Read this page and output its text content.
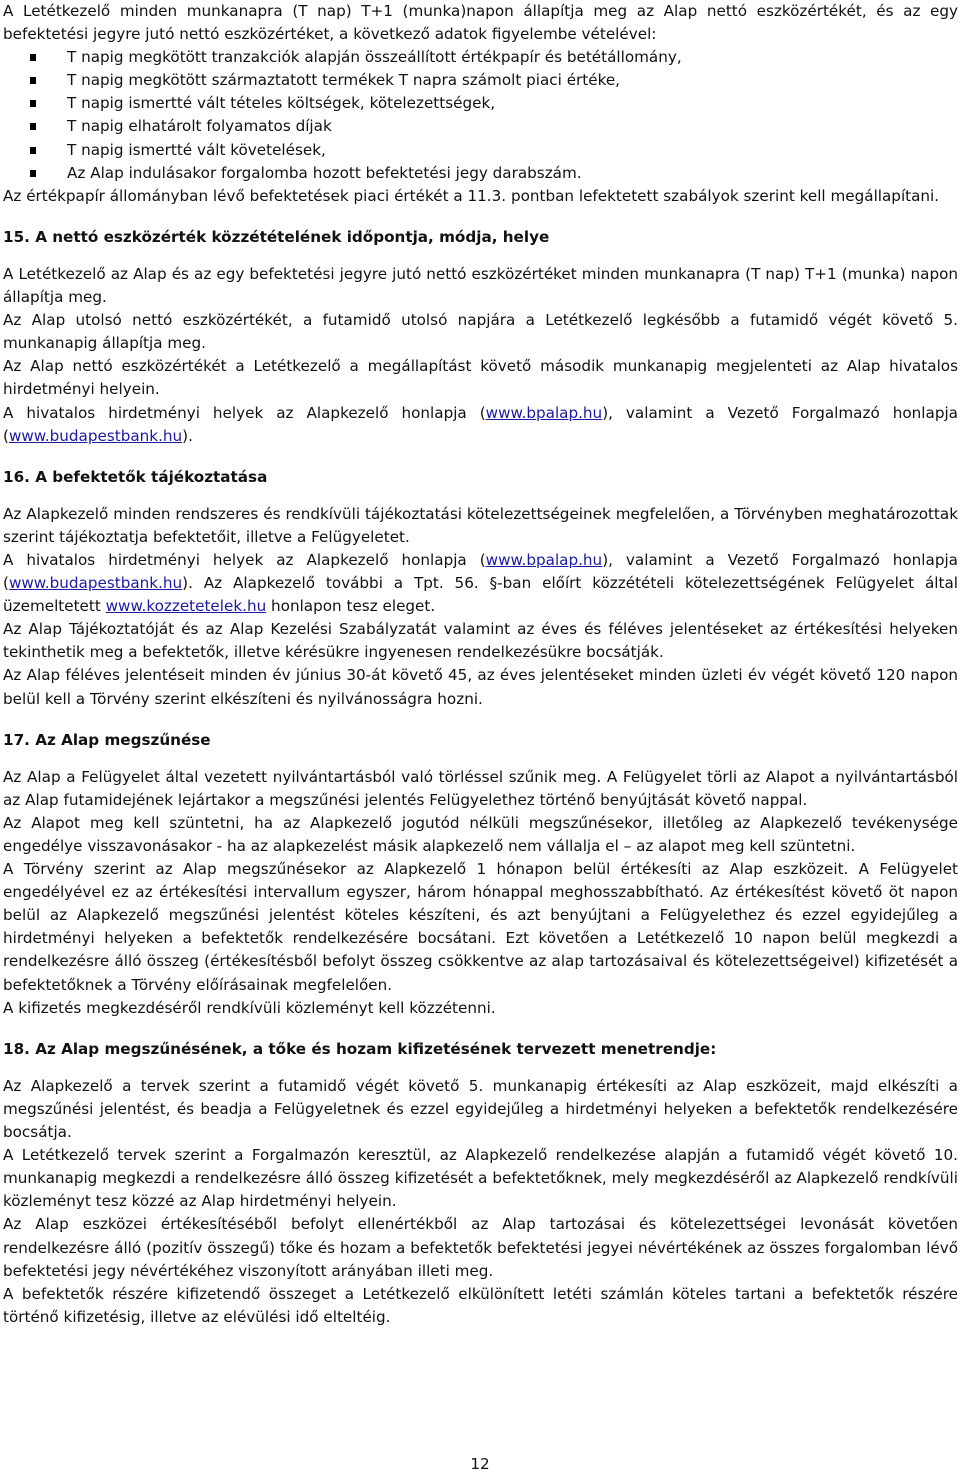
A Letétkezelő minden munkanapra (T nap) T+1 (munka)napon állapítja meg az Alap nettó eszközértékét, és az egy befektetési jegyre jutó nettó eszközértéket, a következő adatok figyelembe vételével:

T napig megkötött tranzakciók alapján összeállított értékpapír és betétállomány,
T napig megkötött származtatott termékek T napra számolt piaci értéke,
T napig ismertté vált tételes költségek, kötelezettségek,
T napig elhatárolt folyamatos díjak
T napig ismertté vált követelések,
Az Alap indulásakor forgalomba hozott befektetési jegy darabszám.

Az értékpapír állományban lévő befektetések piaci értékét a 11.3. pontban lefektetett szabályok szerint kell megállapítani.

15. A nettó eszközérték közzétételének időpontja, módja, helye

A Letétkezelő az Alap és az egy befektetési jegyre jutó nettó eszközértéket minden munkanapra (T nap) T+1 (munka) napon állapítja meg.

Az Alap utolsó nettó eszközértékét, a futamidő utolsó napjára a Letétkezelő legkésőbb a futamidő végét követő 5. munkanapig állapítja meg.

Az Alap nettó eszközértékét a Letétkezelő a megállapítást követő második munkanapig megjelenteti az Alap hivatalos hirdetményi helyein.

A hivatalos hirdetményi helyek az Alapkezelő honlapja (www.bpalap.hu), valamint a Vezető Forgalmazó honlapja (www.budapestbank.hu).

16. A befektetők tájékoztatása

Az Alapkezelő minden rendszeres és rendkívüli tájékoztatási kötelezettségeinek megfelelően, a Törvényben meghatározottak szerint tájékoztatja befektetőit, illetve a Felügyeletet.

A hivatalos hirdetményi helyek az Alapkezelő honlapja (www.bpalap.hu), valamint a Vezető Forgalmazó honlapja (www.budapestbank.hu). Az Alapkezelő további a Tpt. 56. §-ban előírt közzétételi kötelezettségének Felügyelet által üzemeltetett www.kozzetetelek.hu honlapon tesz eleget.

Az Alap Tájékoztatóját és az Alap Kezelési Szabályzatát valamint az éves és féléves jelentéseket az értékesítési helyeken tekinthetik meg a befektetők, illetve kérésükre ingyenesen rendelkezésükre bocsátják.

Az Alap féléves jelentéseit minden év június 30-át követő 45, az éves jelentéseket minden üzleti év végét követő 120 napon belül kell a Törvény szerint elkészíteni és nyilvánosságra hozni.

17. Az Alap megszűnése

Az Alap a Felügyelet által vezetett nyilvántartásból való törléssel szűnik meg. A Felügyelet törli az Alapot a nyilvántartásból az Alap futamidejének lejártakor a megszűnési jelentés Felügyelethez történő benyújtását követő nappal.

Az Alapot meg kell szüntetni, ha az Alapkezelő jogutód nélküli megszűnésekor, illetőleg az Alapkezelő tevékenysége engedélye visszavonásakor - ha az alapkezelést másik alapkezelő nem vállalja el – az alapot meg kell szüntetni.

A Törvény szerint az Alap megszűnésekor az Alapkezelő 1 hónapon belül értékesíti az Alap eszközeit. A Felügyelet engedélyével ez az értékesítési intervallum egyszer, három hónappal meghosszabbítható. Az értékesítést követő öt napon belül az Alapkezelő megszűnési jelentést köteles készíteni, és azt benyújtani a Felügyelethez és ezzel egyidejűleg a hirdetményi helyeken a befektetők rendelkezésére bocsátani. Ezt követően a Letétkezelő 10 napon belül megkezdi a rendelkezésre álló összeg (értékesítésből befolyt összeg csökkentve az alap tartozásaival és kötelezettségeivel) kifizetését a befektetőknek a Törvény előírásainak megfelelően.

A kifizetés megkezdéséről rendkívüli közleményt kell közzétenni.

18. Az Alap megszűnésének, a tőke és hozam kifizetésének tervezett menetrendje:

Az Alapkezelő a tervek szerint a futamidő végét követő 5. munkanapig értékesíti az Alap eszközeit, majd elkészíti a megszűnési jelentést, és beadja a Felügyeletnek és ezzel egyidejűleg a hirdetményi helyeken a befektetők rendelkezésére bocsátja.

A Letétkezelő tervek szerint a Forgalmazón keresztül, az Alapkezelő rendelkezése alapján a futamidő végét követő 10. munkanapig megkezdi a rendelkezésre álló összeg kifizetését a befektetőknek, mely megkezdéséről az Alapkezelő rendkívüli közleményt tesz közzé az Alap hirdetményi helyein.

Az Alap eszközei értékesítéséből befolyt ellenértékből az Alap tartozásai és kötelezettségei levonását követően rendelkezésre álló (pozitív összegű) tőke és hozam a befektetők befektetési jegyei névértékének az összes forgalomban lévő befektetési jegy névértékéhez viszonyított arányában illeti meg.

A befektetők részére kifizetendő összeget a Letétkezelő elkülönített letéti számlán köteles tartani a befektetők részére történő kifizetésig, illetve az elévülési idő elteltéig.

12
